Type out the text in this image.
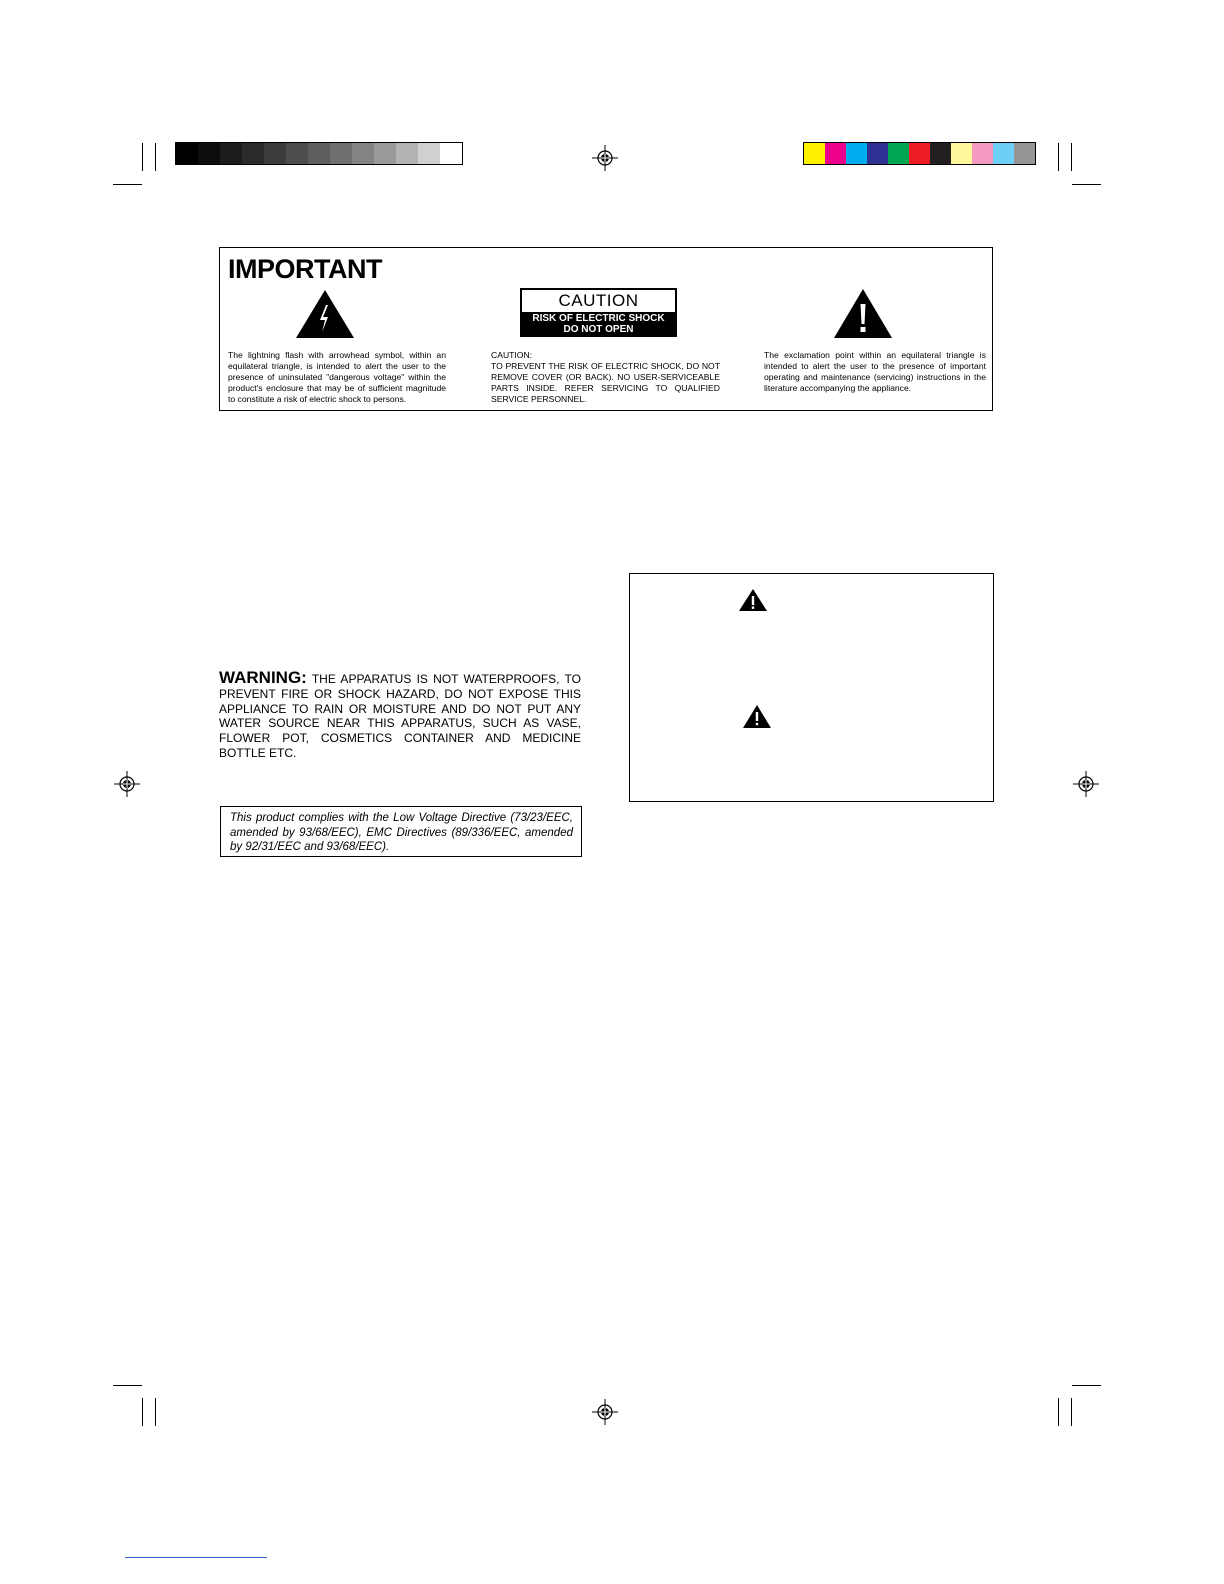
IMPORTANT
The lightning flash with arrowhead symbol, within an equilateral triangle, is intended to alert the user to the presence of uninsulated "dangerous voltage" within the product's enclosure that may be of sufficient magnitude to constitute a risk of electric shock to persons.
CAUTION
RISK OF ELECTRIC SHOCK
DO NOT OPEN
CAUTION:
TO PREVENT THE RISK OF ELECTRIC SHOCK, DO NOT REMOVE COVER (OR BACK). NO USER-SERVICEABLE PARTS INSIDE. REFER SERVICING TO QUALIFIED SERVICE PERSONNEL.
The exclamation point within an equilateral triangle is intended to alert the user to the presence of important operating and maintenance (servicing) instructions in the literature accompanying the appliance.
WARNING: THE APPARATUS IS NOT WATERPROOFS, TO PREVENT FIRE OR SHOCK HAZARD, DO NOT EXPOSE THIS APPLIANCE TO RAIN OR MOISTURE AND DO NOT PUT ANY WATER SOURCE NEAR THIS APPARATUS, SUCH AS VASE, FLOWER POT, COSMETICS CONTAINER AND MEDICINE BOTTLE ETC.
This product complies with the Low Voltage Directive (73/23/EEC, amended by 93/68/EEC), EMC Directives (89/336/EEC, amended by 92/31/EEC and 93/68/EEC).
